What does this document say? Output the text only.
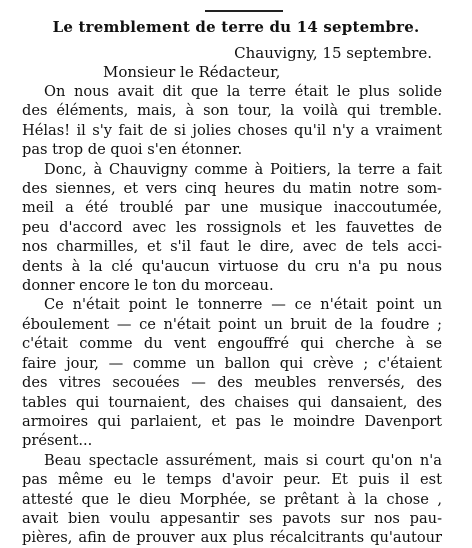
Le tremblement de terre du 14 septembre.
Chauvigny, 15 septembre.
Monsieur le Rédacteur,
On nous avait dit que la terre était le plus solide
des éléments, mais, à son tour, la voilà qui tremble.
Hélas! il s'y fait de si jolies choses qu'il n'y a vraiment
pas trop de quoi s'en étonner.
Donc, à Chauvigny comme à Poitiers, la terre a fait
des siennes, et vers cinq heures du matin notre som-
meil a été troublé par une musique inaccoutumée,
peu d'accord avec les rossignols et les fauvettes de
nos charmilles, et s'il faut le dire, avec de tels acci-
dents à la clé qu'aucun virtuose du cru n'a pu nous
donner encore le ton du morceau.
Ce n'était point le tonnerre — ce n'était point un
éboulement — ce n'était point un bruit de la foudre ;
c'était comme du vent engouffré qui cherche à se
faire jour, — comme un ballon qui crève ; c'étaient
des vitres secouées — des meubles renversés, des
tables qui tournaient, des chaises qui dansaient, des
armoires qui parlaient, et pas le moindre Davenport
présent...
Beau spectacle assurément, mais si court qu'on n'a
pas même eu le temps d'avoir peur. Et puis il est
attesté que le dieu Morphée, se prêtant à la chose ,
avait bien voulu appesantir ses pavots sur nos pau-
pières, afin de prouver aux plus récalcitrants qu'autour
